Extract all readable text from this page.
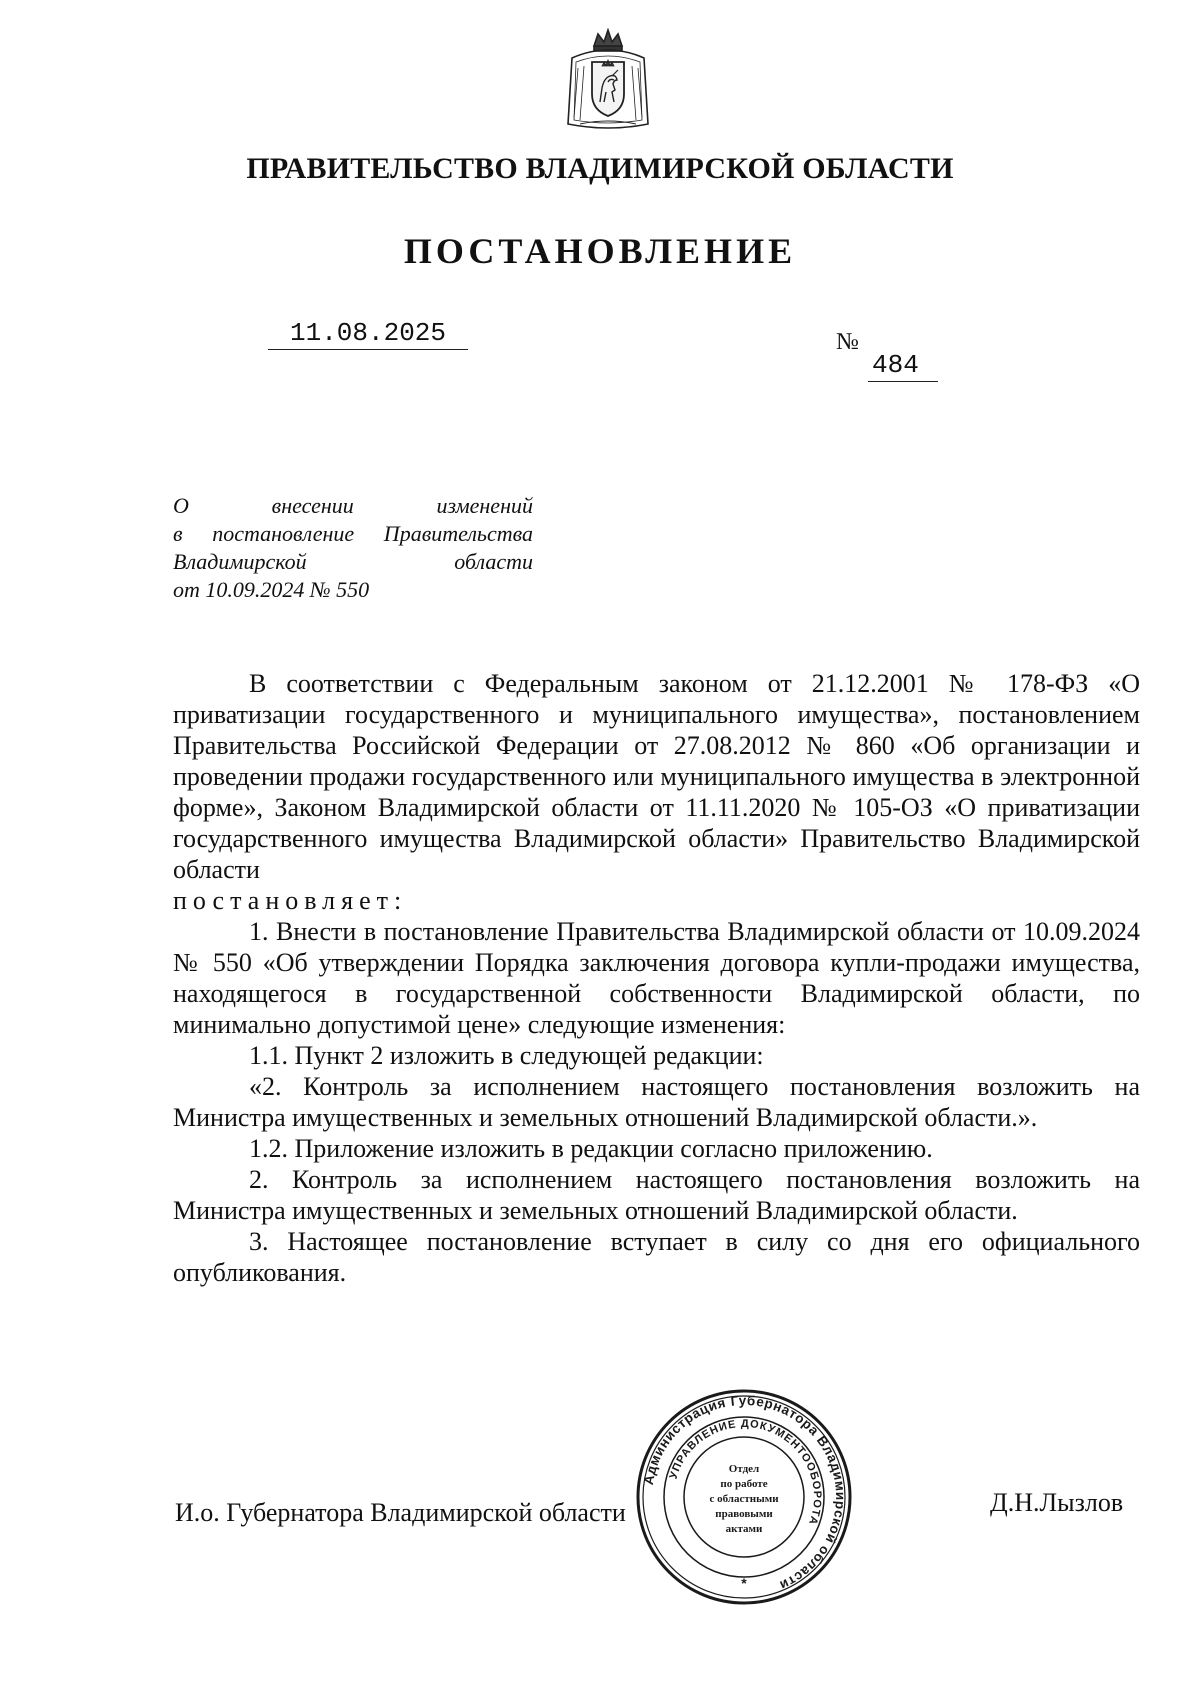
ПРАВИТЕЛЬСТВО ВЛАДИМИРСКОЙ ОБЛАСТИ
ПОСТАНОВЛЕНИЕ
11.08.2025	№
484
О внесении изменений
в постановление Правительства
Владимирской области
от 10.09.2024 № 550

В соответствии с Федеральным законом от 21.12.2001 № 178-ФЗ «О приватизации государственного и муниципального имущества», постановлением Правительства Российской Федерации от 27.08.2012 № 860 «Об организации и проведении продажи государственного или муниципального имущества в электронной форме», Законом Владимирской области от 11.11.2020 № 105-ОЗ «О приватизации государственного имущества Владимирской области» Правительство Владимирской области
постановляет:

1. Внести в постановление Правительства Владимирской области от 10.09.2024 № 550 «Об утверждении Порядка заключения договора купли-продажи имущества, находящегося в государственной собственности Владимирской области, по минимально допустимой цене» следующие изменения:

1.1. Пункт 2 изложить в следующей редакции:

«2. Контроль за исполнением настоящего постановления возложить на Министра имущественных и земельных отношений Владимирской области.».

1.2. Приложение изложить в редакции согласно приложению.

2. Контроль за исполнением настоящего постановления возложить на Министра имущественных и земельных отношений Владимирской области.

3. Настоящее постановление вступает в силу со дня его официального опубликования.

И.о. Губернатора Владимирской области	Д.Н.Лызлов
Администрация Губернатора Владимирской области
УПРАВЛЕНИЕ ДОКУМЕНТООБОРОТА
Отдел
по работе
с областными
правовыми
актами
*
